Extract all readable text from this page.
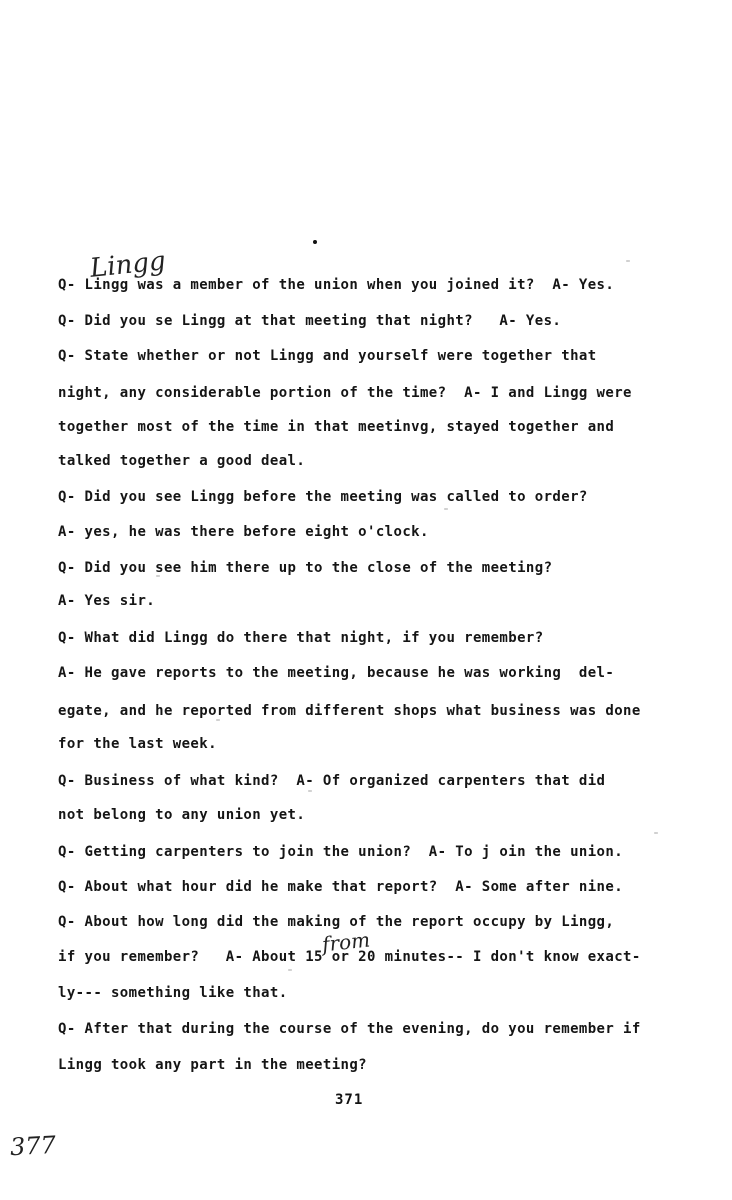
Lingg
Q- Lingg was a member of the union when you joined it?  A- Yes.
Q- Did you se Lingg at that meeting that night?   A- Yes.
Q- State whether or not Lingg and yourself were together that
night, any considerable portion of the time?  A- I and Lingg were
together most of the time in that meetinvg, stayed together and
talked together a good deal.
Q- Did you see Lingg before the meeting was called to order?
A- yes, he was there before eight o'clock.
Q- Did you see him there up to the close of the meeting?
A- Yes sir.
Q- What did Lingg do there that night, if you remember?
A- He gave reports to the meeting, because he was working  del-
egate, and he reported from different shops what business was done
for the last week.
Q- Business of what kind?  A- Of organized carpenters that did
not belong to any union yet.
Q- Getting carpenters to join the union?  A- To j oin the union.
Q- About what hour did he make that report?  A- Some after nine.
Q- About how long did the making of the report occupy by Lingg,
if you remember?   A- About 15 or 20 minutes-- I don't know exact-
ly--- something like that.
Q- After that during the course of the evening, do you remember if
Lingg took any part in the meeting?
from
¨
¨
¨
¨
¨
¨
¨
371
377
